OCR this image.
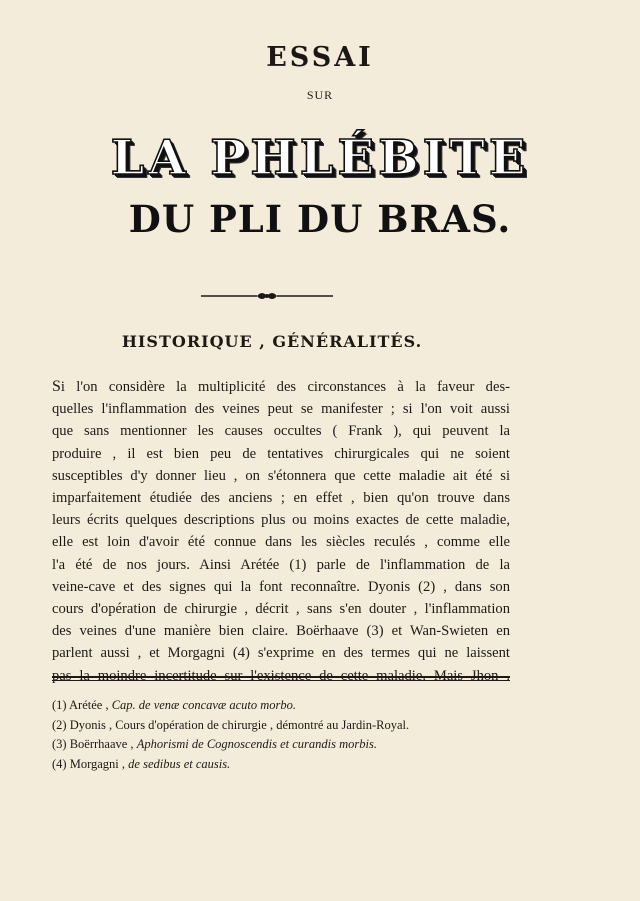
ESSAI
SUR
LA PHLÉBITE
DU PLI DU BRAS.
HISTORIQUE , GÉNÉRALITÉS.
Si l'on considère la multiplicité des circonstances à la faveur des-
quelles l'inflammation des veines peut se manifester ; si l'on voit aussi
que sans mentionner les causes occultes ( Frank ), qui peuvent la
produire , il est bien peu de tentatives chirurgicales qui ne soient
susceptibles d'y donner lieu , on s'étonnera que cette maladie ait été si
imparfaitement étudiée des anciens ; en effet , bien qu'on trouve dans
leurs écrits quelques descriptions plus ou moins exactes de cette maladie,
elle est loin d'avoir été connue dans les siècles reculés , comme elle
l'a été de nos jours. Ainsi Arétée (1) parle de l'inflammation de la
veine-cave et des signes qui la font reconnaître. Dyonis (2) , dans son
cours d'opération de chirurgie , décrit , sans s'en douter , l'inflammation
des veines d'une manière bien claire. Boërhaave (3) et Wan-Swieten en
parlent aussi , et Morgagni (4) s'exprime en des termes qui ne laissent
pas la moindre incertitude sur l'existence de cette maladie. Mais Jhon .
(1) Arétée , Cap. de venæ concavæ acuto morbo.
(2) Dyonis , Cours d'opération de chirurgie , démontré au Jardin-Royal.
(3) Boërrhaave , Aphorismi de Cognoscendis et curandis morbis.
(4) Morgagni , de sedibus et causis.
